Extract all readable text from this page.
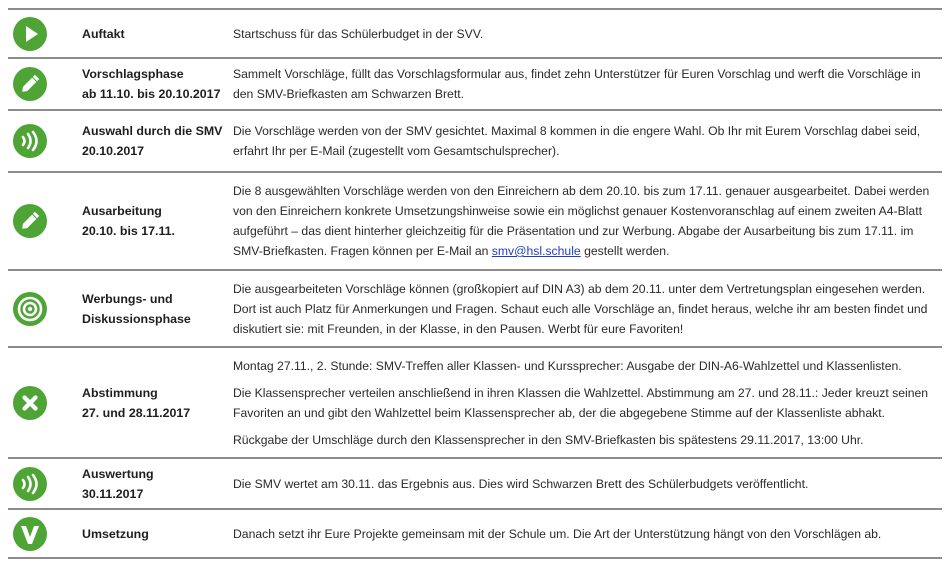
Auftakt	Startschuss für das Schülerbudget in der SVV.

Vorschlagsphase
ab 11.10. bis 20.10.2017

Sammelt Vorschläge, füllt das Vorschlagsformular aus, findet zehn Unterstützer für Euren Vorschlag und werft die Vorschläge in den SMV-Briefkasten am Schwarzen Brett.

Auswahl durch die SMV
20.10.2017

Die Vorschläge werden von der SMV gesichtet. Maximal 8 kommen in die engere Wahl. Ob Ihr mit Eurem Vorschlag dabei seid, erfahrt Ihr per E-Mail (zugestellt vom Gesamtschulsprecher).

Ausarbeitung
20.10. bis 17.11.

Die 8 ausgewählten Vorschläge werden von den Einreichern ab dem 20.10. bis zum 17.11. genauer ausgearbeitet. Dabei werden von den Einreichern konkrete Umsetzungshinweise sowie ein möglichst genauer Kostenvoranschlag auf einem zweiten A4-Blatt aufgeführt – das dient hinterher gleichzeitig für die Präsentation und zur Werbung. Abgabe der Ausarbeitung bis zum 17.11. im SMV-Briefkasten. Fragen können per E-Mail an smv@hsl.schule gestellt werden.

Werbungs- und
Diskussionsphase

Die ausgearbeiteten Vorschläge können (großkopiert auf DIN A3) ab dem 20.11. unter dem Vertretungsplan eingesehen werden. Dort ist auch Platz für Anmerkungen und Fragen. Schaut euch alle Vorschläge an, findet heraus, welche ihr am besten findet und diskutiert sie: mit Freunden, in der Klasse, in den Pausen. Werbt für eure Favoriten!

Abstimmung
27. und 28.11.2017

Montag 27.11., 2. Stunde: SMV-Treffen aller Klassen- und Kurssprecher: Ausgabe der DIN-A6-Wahlzettel und Klassenlisten.

Die Klassensprecher verteilen anschließend in ihren Klassen die Wahlzettel. Abstimmung am 27. und 28.11.: Jeder kreuzt seinen Favoriten an und gibt den Wahlzettel beim Klassensprecher ab, der die abgegebene Stimme auf der Klassenliste abhakt.

Rückgabe der Umschläge durch den Klassensprecher in den SMV-Briefkasten bis spätestens 29.11.2017, 13:00 Uhr.

Auswertung
30.11.2017

Die SMV wertet am 30.11. das Ergebnis aus. Dies wird Schwarzen Brett des Schülerbudgets veröffentlicht.

Umsetzung	Danach setzt ihr Eure Projekte gemeinsam mit der Schule um. Die Art der Unterstützung hängt von den Vorschlägen ab.
